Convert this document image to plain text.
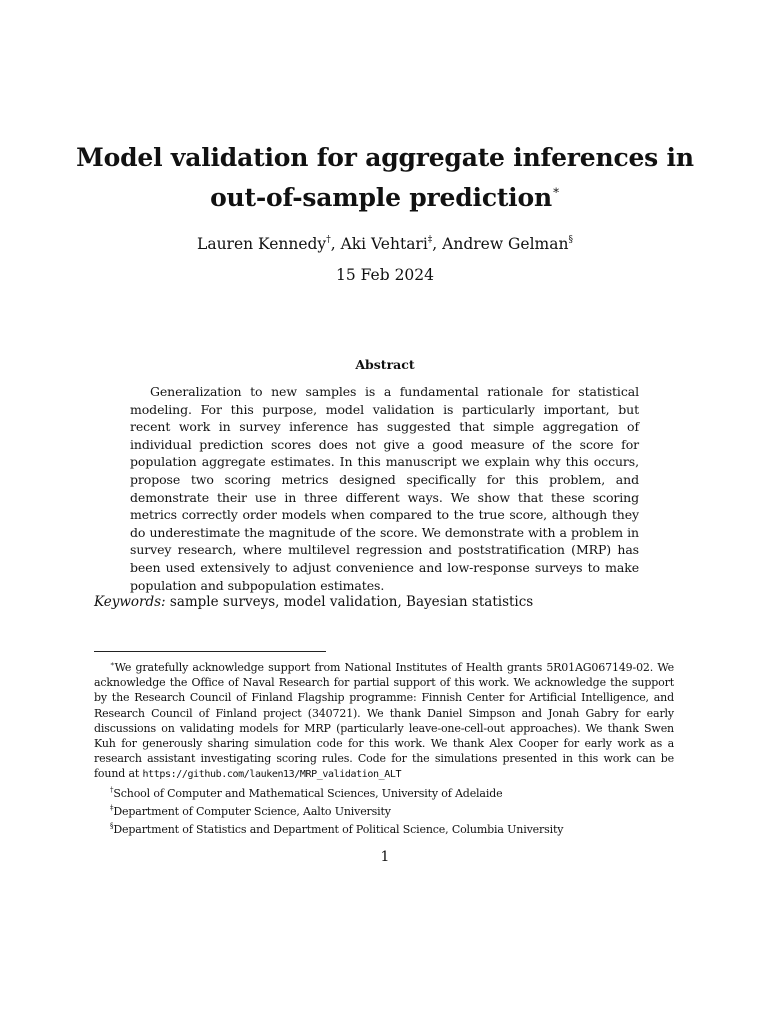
Model validation for aggregate inferences in
out-of-sample prediction∗
Lauren Kennedy†, Aki Vehtari‡, Andrew Gelman§
15 Feb 2024
Abstract
Generalization to new samples is a fundamental rationale for statistical modeling. For this purpose, model validation is particularly important, but recent work in survey inference has suggested that simple aggregation of individual prediction scores does not give a good measure of the score for population aggregate estimates. In this manuscript we explain why this occurs, propose two scoring metrics designed specifically for this problem, and demonstrate their use in three different ways. We show that these scoring metrics correctly order models when compared to the true score, although they do underestimate the magnitude of the score. We demonstrate with a problem in survey research, where multilevel regression and poststratification (MRP) has been used extensively to adjust convenience and low-response surveys to make population and subpopulation estimates.
Keywords: sample surveys, model validation, Bayesian statistics
∗We gratefully acknowledge support from National Institutes of Health grants 5R01AG067149-02. We acknowledge the Office of Naval Research for partial support of this work. We acknowledge the support by the Research Council of Finland Flagship programme: Finnish Center for Artificial Intelligence, and Research Council of Finland project (340721). We thank Daniel Simpson and Jonah Gabry for early discussions on validating models for MRP (particularly leave-one-cell-out approaches). We thank Swen Kuh for generously sharing simulation code for this work. We thank Alex Cooper for early work as a research assistant investigating scoring rules. Code for the simulations presented in this work can be found at https://github.com/lauken13/MRP_validation_ALT
†School of Computer and Mathematical Sciences, University of Adelaide
‡Department of Computer Science, Aalto University
§Department of Statistics and Department of Political Science, Columbia University
1
